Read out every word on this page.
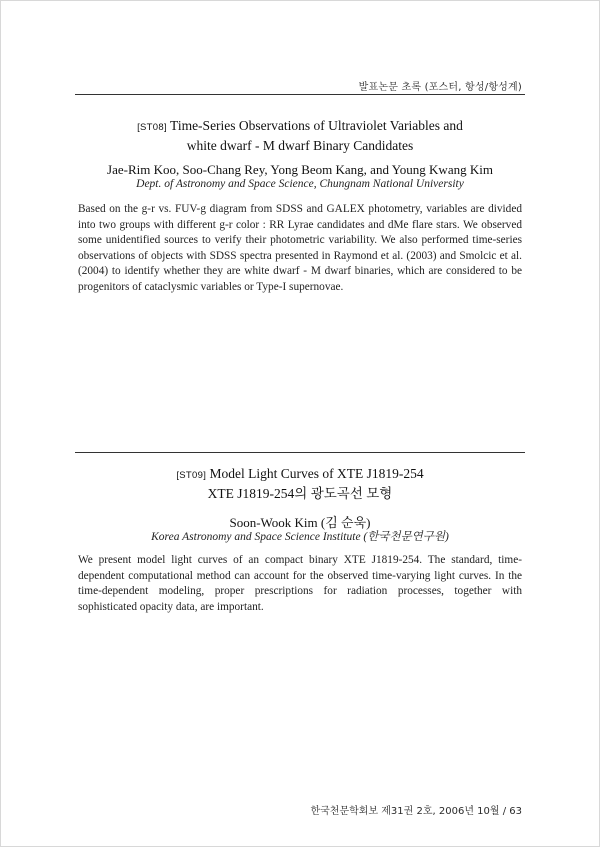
발표논문 초록 (포스터, 항성/항성계)
[ST08] Time-Series Observations of Ultraviolet Variables and
white dwarf - M dwarf Binary Candidates
Jae-Rim Koo, Soo-Chang Rey, Yong Beom Kang, and Young Kwang Kim
Dept. of Astronomy and Space Science, Chungnam National University
Based on the g-r vs. FUV-g diagram from SDSS and GALEX photometry, variables are divided into two groups with different g-r color : RR Lyrae candidates and dMe flare stars. We observed some unidentified sources to verify their photometric variability. We also performed time-series observations of objects with SDSS spectra presented in Raymond et al. (2003) and Smolcic et al. (2004) to identify whether they are white dwarf - M dwarf binaries, which are considered to be progenitors of cataclysmic variables or Type-I supernovae.
[ST09] Model Light Curves of XTE J1819-254
XTE J1819-254의 광도곡선 모형
Soon-Wook Kim (김 순욱)
Korea Astronomy and Space Science Institute (한국천문연구원)
We present model light curves of an compact binary XTE J1819-254. The standard, time-dependent computational method can account for the observed time-varying light curves. In the time-dependent modeling, proper prescriptions for radiation processes, together with sophisticated opacity data, are important.
한국천문학회보 제31권 2호, 2006년 10월 / 63
